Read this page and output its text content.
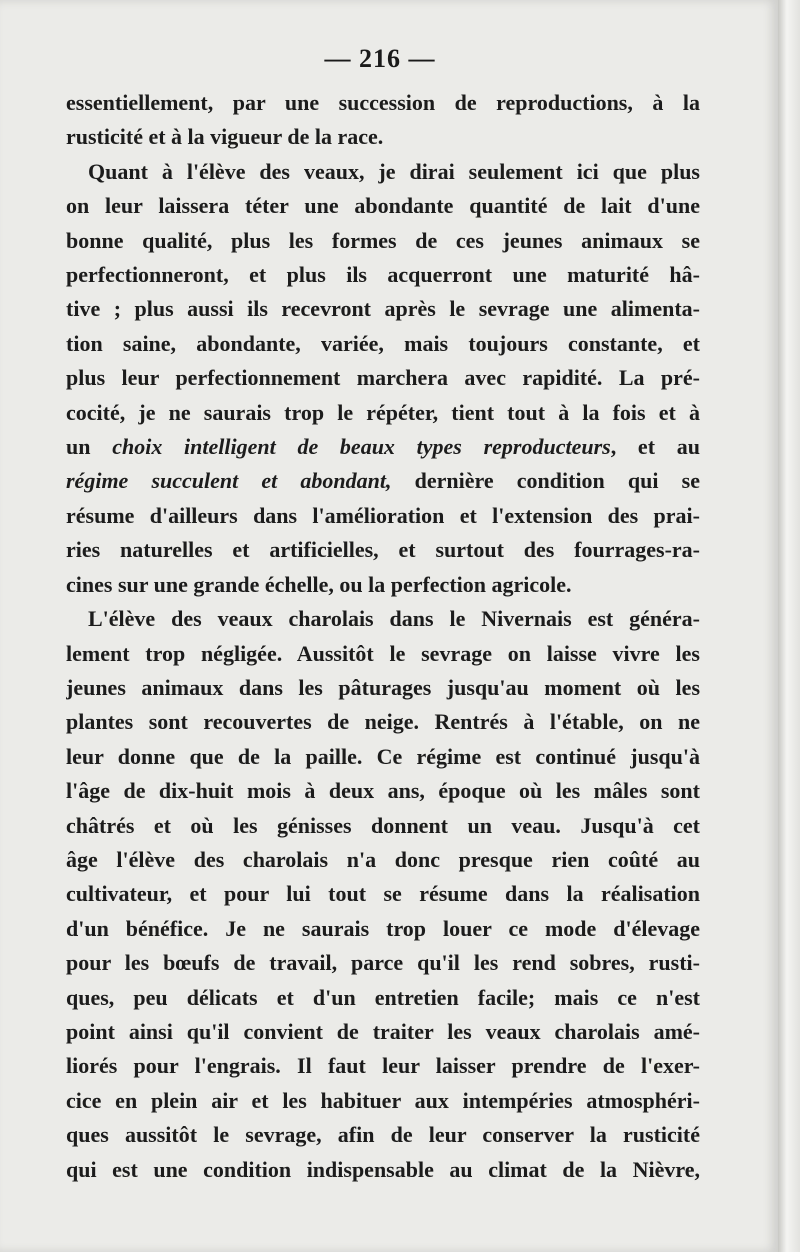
— 216 —
essentiellement, par une succession de reproductions, à la
rusticité et à la vigueur de la race.
Quant à l'élève des veaux, je dirai seulement ici que plus
on leur laissera téter une abondante quantité de lait d'une
bonne qualité, plus les formes de ces jeunes animaux se
perfectionneront, et plus ils acquerront une maturité hâ-
tive ; plus aussi ils recevront après le sevrage une alimenta-
tion saine, abondante, variée, mais toujours constante, et
plus leur perfectionnement marchera avec rapidité. La pré-
cocité, je ne saurais trop le répéter, tient tout à la fois et à
un choix intelligent de beaux types reproducteurs, et au
régime succulent et abondant, dernière condition qui se
résume d'ailleurs dans l'amélioration et l'extension des prai-
ries naturelles et artificielles, et surtout des fourrages-ra-
cines sur une grande échelle, ou la perfection agricole.
L'élève des veaux charolais dans le Nivernais est généra-
lement trop négligée. Aussitôt le sevrage on laisse vivre les
jeunes animaux dans les pâturages jusqu'au moment où les
plantes sont recouvertes de neige. Rentrés à l'étable, on ne
leur donne que de la paille. Ce régime est continué jusqu'à
l'âge de dix-huit mois à deux ans, époque où les mâles sont
châtrés et où les génisses donnent un veau. Jusqu'à cet
âge l'élève des charolais n'a donc presque rien coûté au
cultivateur, et pour lui tout se résume dans la réalisation
d'un bénéfice. Je ne saurais trop louer ce mode d'élevage
pour les bœufs de travail, parce qu'il les rend sobres, rusti-
ques, peu délicats et d'un entretien facile; mais ce n'est
point ainsi qu'il convient de traiter les veaux charolais amé-
liorés pour l'engrais. Il faut leur laisser prendre de l'exer-
cice en plein air et les habituer aux intempéries atmosphéri-
ques aussitôt le sevrage, afin de leur conserver la rusticité
qui est une condition indispensable au climat de la Nièvre,
